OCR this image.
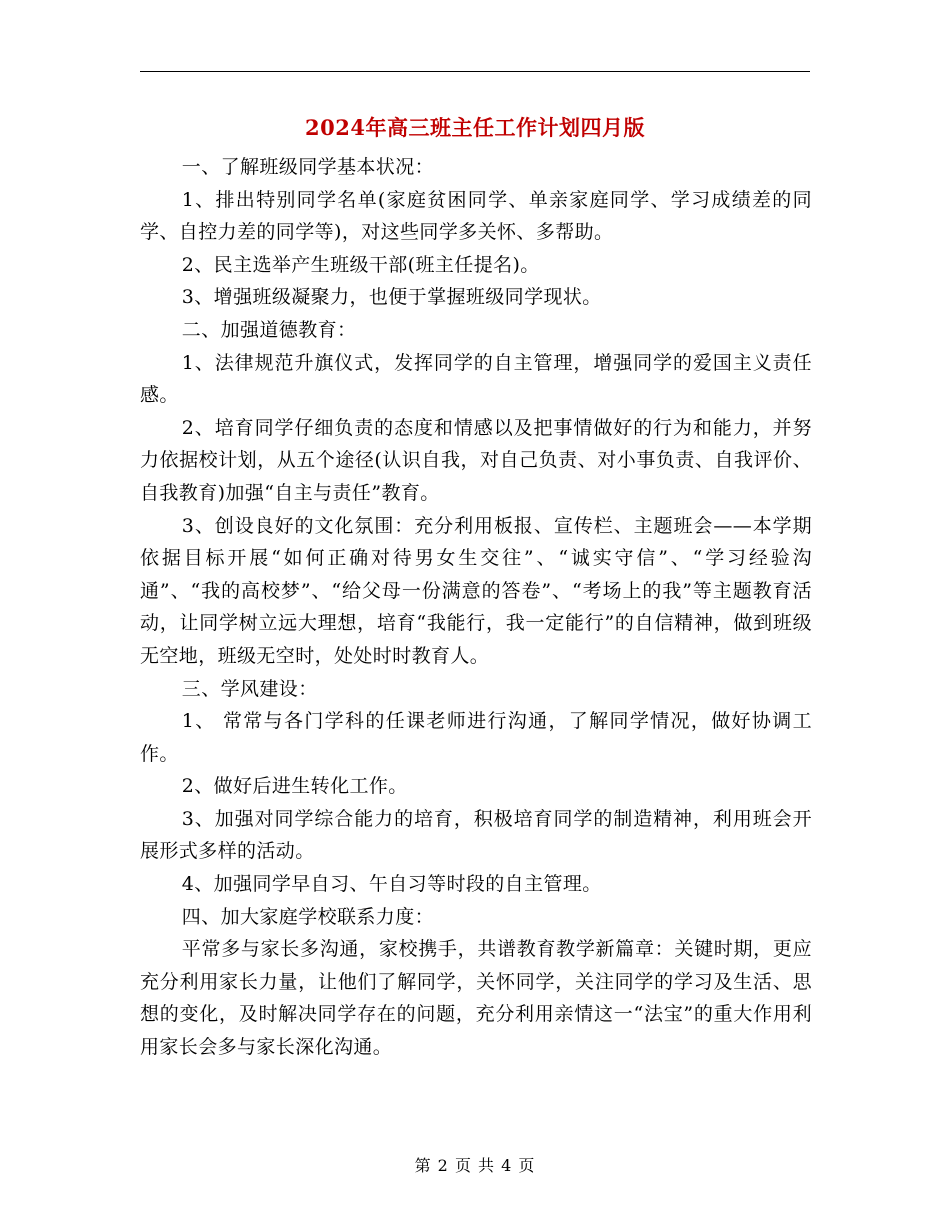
2024年高三班主任工作计划四月版

一、了解班级同学基本状况：

1、排出特别同学名单(家庭贫困同学、单亲家庭同学、学习成绩差的同学、自控力差的同学等)，对这些同学多关怀、多帮助。

2、民主选举产生班级干部(班主任提名)。

3、增强班级凝聚力，也便于掌握班级同学现状。

二、加强道德教育：

1、法律规范升旗仪式，发挥同学的自主管理，增强同学的爱国主义责任感。

2、培育同学仔细负责的态度和情感以及把事情做好的行为和能力，并努力依据校计划，从五个途径(认识自我，对自己负责、对小事负责、自我评价、自我教育)加强“自主与责任”教育。

3、创设良好的文化氛围：充分利用板报、宣传栏、主题班会——本学期依据目标开展“如何正确对待男女生交往”、“诚实守信”、“学习经验沟通”、“我的高校梦”、“给父母一份满意的答卷”、“考场上的我”等主题教育活动，让同学树立远大理想，培育“我能行，我一定能行”的自信精神，做到班级无空地，班级无空时，处处时时教育人。

三、学风建设：

1、 常常与各门学科的任课老师进行沟通，了解同学情况，做好协调工作。

2、做好后进生转化工作。

3、加强对同学综合能力的培育，积极培育同学的制造精神，利用班会开展形式多样的活动。

4、加强同学早自习、午自习等时段的自主管理。

四、加大家庭学校联系力度：

平常多与家长多沟通，家校携手，共谱教育教学新篇章：关键时期，更应充分利用家长力量，让他们了解同学，关怀同学，关注同学的学习及生活、思想的变化，及时解决同学存在的问题，充分利用亲情这一“法宝”的重大作用利用家长会多与家长深化沟通。

第 2 页 共 4 页
